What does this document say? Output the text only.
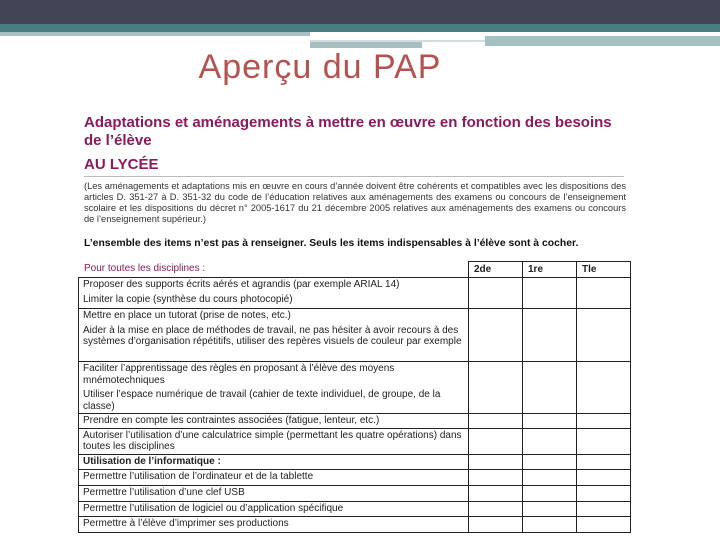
Aperçu du PAP
Adaptations et aménagements à mettre en œuvre en fonction des besoins de l’élève
AU LYCÉE
(Les aménagements et adaptations mis en œuvre en cours d’année doivent être cohérents et compatibles avec les dispositions des articles D. 351-27 à D. 351-32 du code de l’éducation relatives aux aménagements des examens ou concours de l’enseignement scolaire et les dispositions du décret n° 2005-1617 du 21 décembre 2005 relatives aux aménagements des examens ou concours de l’enseignement supérieur.)
L’ensemble des items n’est pas à renseigner. Seuls les items indispensables à l’élève sont à cocher.
Pour toutes les disciplines :
		2de	1re	Tle

Proposer des supports écrits aérés et agrandis (par exemple ARIAL 14)
Limiter la copie (synthèse du cours photocopié)			

Mettre en place un tutorat (prise de notes, etc.)
Aider à la mise en place de méthodes de travail, ne pas hésiter à avoir recours à des systèmes d’organisation répétitifs, utiliser des repères visuels de couleur par exemple			

Faciliter l’apprentissage des règles en proposant à l’élève des moyens mnémotechniques
Utiliser l’espace numérique de travail (cahier de texte individuel, de groupe, de la classe)			

Prendre en compte les contraintes associées (fatigue, lenteur, etc.)			

Autoriser l’utilisation d’une calculatrice simple (permettant les quatre opérations) dans toutes les disciplines			

Utilisation de l’informatique :			

Permettre l’utilisation de l’ordinateur et de la tablette			

Permettre l’utilisation d’une clef USB			

Permettre l’utilisation de logiciel ou d’application spécifique			

Permettre à l’élève d’imprimer ses productions			
